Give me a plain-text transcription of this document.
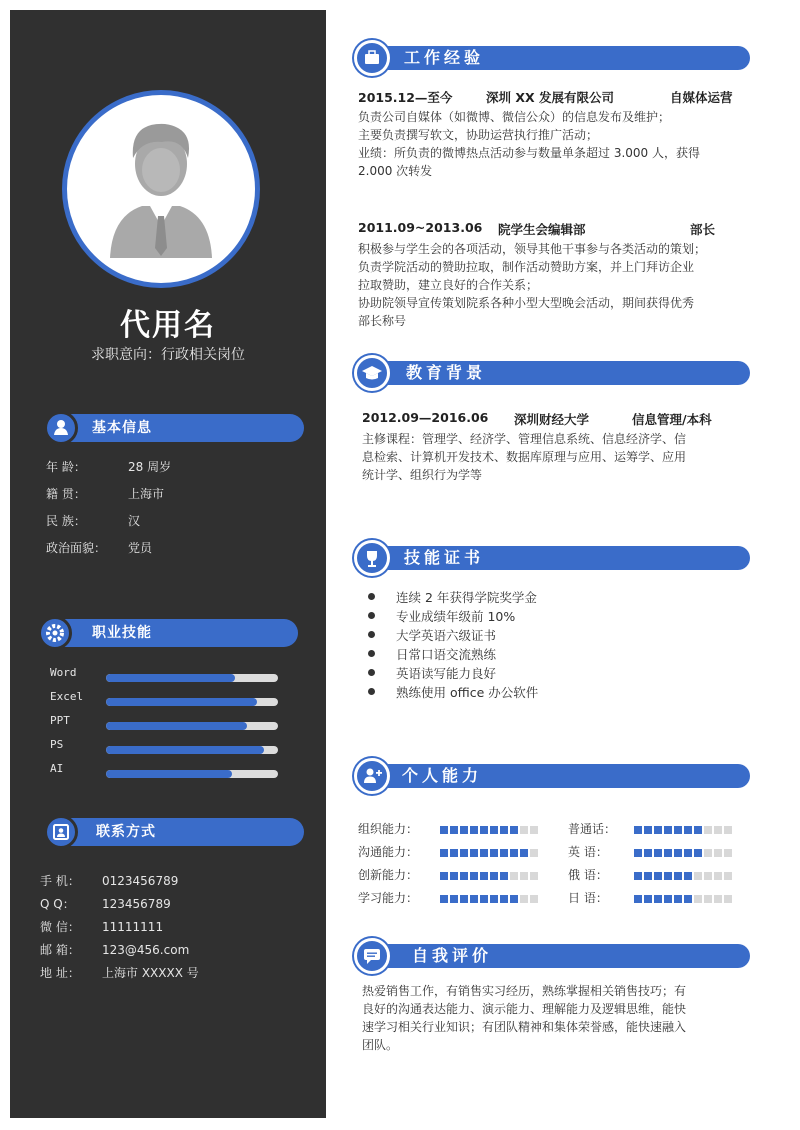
代用名
求职意向：行政相关岗位
基本信息
年 龄：	28 周岁
籍 贯：	上海市
民 族：	汉
政治面貌： 党员
职业技能
Word
Excel
PPT
PS
AI
联系方式
手 机： 0123456789
Q Q： 123456789
微 信： 11111111
邮 箱： 123@456.com
地 址： 上海市 XXXXX 号
工作经验
2015.12—至今	深圳 XX 发展有限公司	自媒体运营
负责公司自媒体（如微博、微信公众）的信息发布及维护；
主要负责撰写软文，协助运营执行推广活动；
业绩：所负责的微博热点活动参与数量单条超过 3.000 人，获得
2.000 次转发
2011.09~2013.06 院学生会编辑部	部长
积极参与学生会的各项活动，领导其他干事参与各类活动的策划；
负责学院活动的赞助拉取，制作活动赞助方案，并上门拜访企业
拉取赞助，建立良好的合作关系；
协助院领导宣传策划院系各种小型大型晚会活动，期间获得优秀
部长称号
教育背景
2012.09—2016.06 深圳财经大学	信息管理/本科
主修课程：管理学、经济学、管理信息系统、信息经济学、信
息检索、计算机开发技术、数据库原理与应用、运筹学、应用
统计学、组织行为学等
技能证书
连续 2 年获得学院奖学金
专业成绩年级前 10%
大学英语六级证书
日常口语交流熟练
英语读写能力良好
熟练使用 office 办公软件
个人能力
组织能力：	普通话：
沟通能力：	英 语：
创新能力：	俄 语：
学习能力：	日 语：
自我评价
热爱销售工作，有销售实习经历，熟练掌握相关销售技巧；有
良好的沟通表达能力、演示能力、理解能力及逻辑思维，能快
速学习相关行业知识；有团队精神和集体荣誉感，能快速融入
团队。
